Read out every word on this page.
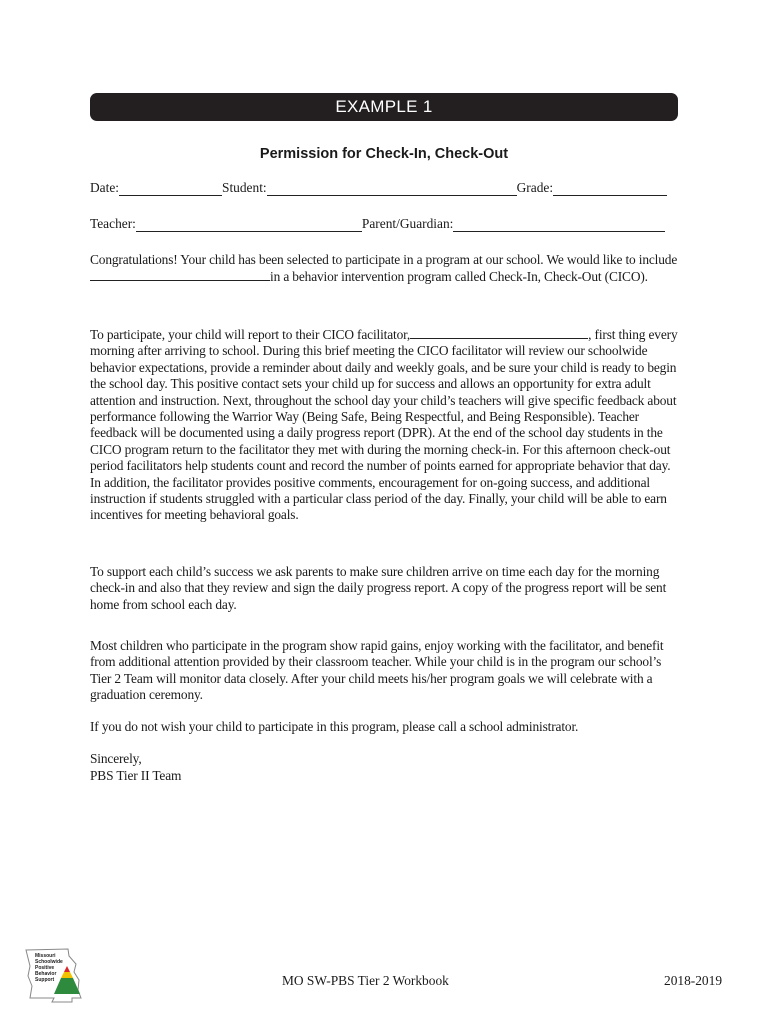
EXAMPLE 1
Permission for Check-In, Check-Out
Date:	Student:	Grade:
Teacher:	Parent/Guardian:

Congratulations! Your child has been selected to participate in a program at our school. We would like to includein a behavior intervention program called Check-In, Check-Out (CICO).

To participate, your child will report to their CICO facilitator,	, first thing every morning after arriving to school. During this brief meeting the CICO facilitator will review our schoolwide behavior expectations, provide a reminder about daily and weekly goals, and be sure your child is ready to begin the school day. This positive contact sets your child up for success and allows an opportunity for extra adult attention and instruction. Next, throughout the school day your child’s teachers will give specific feedback about performance following the Warrior Way (Being Safe, Being Respectful, and Being Responsible). Teacher feedback will be documented using a daily progress report (DPR). At the end of the school day students in the CICO program return to the facilitator they met with during the morning check-in. For this afternoon check-out period facilitators help students count and record the number of points earned for appropriate behavior that day. In addition, the facilitator provides positive comments, encouragement for on-going success, and additional instruction if students struggled with a particular class period of the day. Finally, your child will be able to earn incentives for meeting behavioral goals.

To support each child’s success we ask parents to make sure children arrive on time each day for the morning check-in and also that they review and sign the daily progress report. A copy of the progress report will be sent home from school each day.

Most children who participate in the program show rapid gains, enjoy working with the facilitator, and benefit from additional attention provided by their classroom teacher. While your child is in the program our school’s Tier 2 Team will monitor data closely. After your child meets his/her program goals we will celebrate with a graduation ceremony.

If you do not wish your child to participate in this program, please call a school administrator.

Sincerely,

PBS Tier II Team

Missouri
Schoolwide
Positive
Behavior
Support	MO SW-PBS Tier 2 Workbook	2018-2019
